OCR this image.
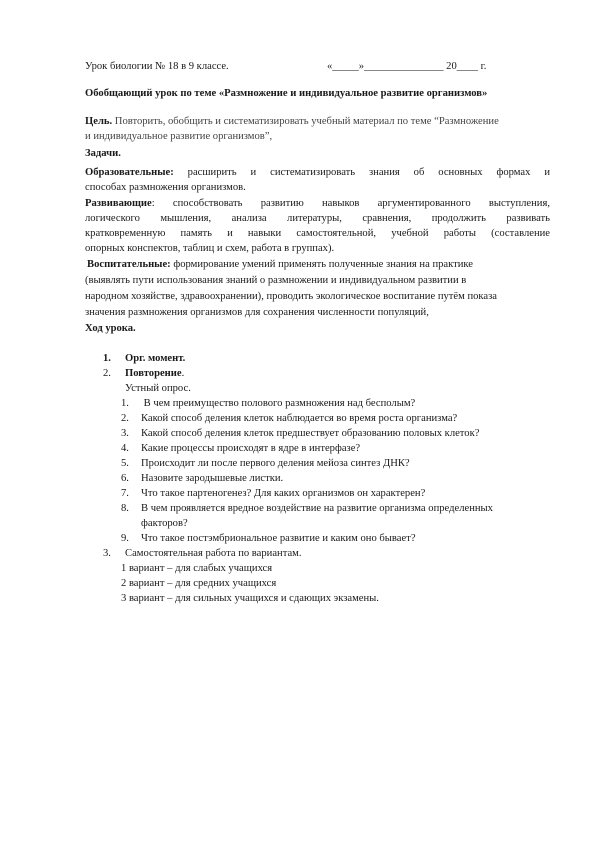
Урок биологии № 18 в 9 классе.	«_____»_______________ 20____ г.
Обобщающий урок по теме «Размножение и индивидуальное развитие организмов»
Цель. Повторить, обобщить и систематизировать учебный материал по теме “Размножение
и индивидуальное развитие организмов”,
Задачи.
Образовательные: расширить и систематизировать знания об основных формах и
способах размножения организмов.
Развивающие: способствовать развитию навыков аргументированного выступления,
логического мышления, анализа литературы, сравнения, продолжить развивать
кратковременную память и навыки самостоятельной, учебной работы (составление
опорных конспектов, таблиц и схем, работа в группах).
Воспитательные: формирование умений применять полученные знания на практике
(выявлять пути использования знаний о размножении и индивидуальном развитии в
народном хозяйстве, здравоохранении), проводить экологическое воспитание путём показа
значения размножения организмов для сохранения численности популяций,
Ход урока.
1. Орг. момент.
2. Повторение.
Устный опрос.
1. В чем преимущество полового размножения над бесполым?
2. Какой способ деления клеток наблюдается во время роста организма?
3. Какой способ деления клеток предшествует образованию половых клеток?
4. Какие процессы происходят в ядре в интерфазе?
5. Происходит ли после первого деления мейоза синтез ДНК?
6. Назовите зародышевые листки.
7. Что такое партеногенез? Для каких организмов он характерен?
8. В чем проявляется вредное воздействие на развитие организма определенных
факторов?
9. Что такое постэмбриональное развитие и каким оно бывает?
3. Самостоятельная работа по вариантам.
1 вариант – для слабых учащихся
2 вариант – для средних учащихся
3 вариант – для сильных учащихся и сдающих экзамены.
